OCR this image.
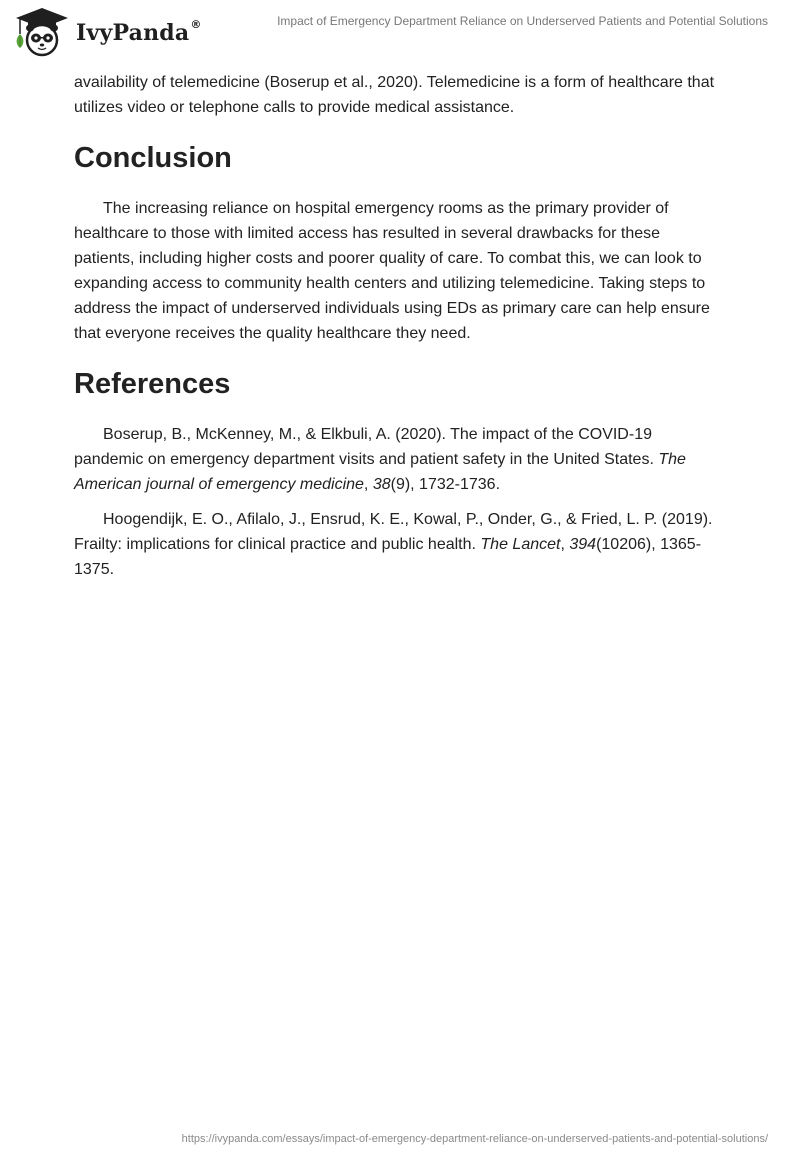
IvyPanda®	Impact of Emergency Department Reliance on Underserved Patients and Potential Solutions

availability of telemedicine (Boserup et al., 2020). Telemedicine is a form of healthcare that utilizes video or telephone calls to provide medical assistance.

Conclusion

The increasing reliance on hospital emergency rooms as the primary provider of healthcare to those with limited access has resulted in several drawbacks for these patients, including higher costs and poorer quality of care. To combat this, we can look to expanding access to community health centers and utilizing telemedicine. Taking steps to address the impact of underserved individuals using EDs as primary care can help ensure that everyone receives the quality healthcare they need.

References

Boserup, B., McKenney, M., & Elkbuli, A. (2020). The impact of the COVID-19 pandemic on emergency department visits and patient safety in the United States. The American journal of emergency medicine, 38(9), 1732-1736.

Hoogendijk, E. O., Afilalo, J., Ensrud, K. E., Kowal, P., Onder, G., & Fried, L. P. (2019). Frailty: implications for clinical practice and public health. The Lancet, 394(10206), 1365-1375.

https://ivypanda.com/essays/impact-of-emergency-department-reliance-on-underserved-patients-and-potential-solutions/
